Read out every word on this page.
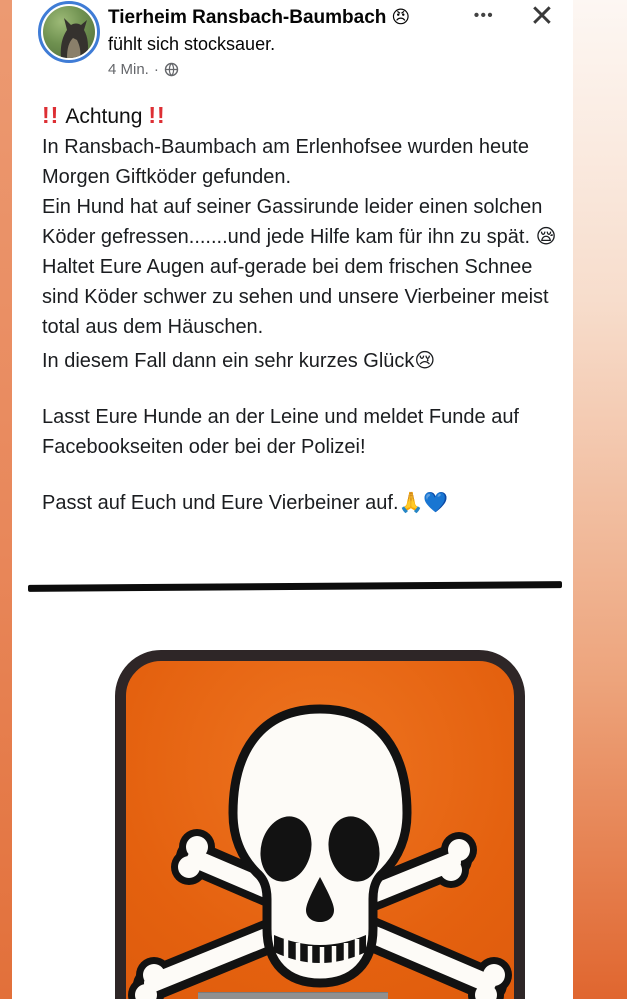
Tierheim Ransbach-Baumbach 😠
fühlt sich stocksauer.
4 Min. ·
•••	✕

!! Achtung !!

In Ransbach-Baumbach am Erlenhofsee wurden heute Morgen Giftköder gefunden.

Ein Hund hat auf seiner Gassirunde leider einen solchen Köder gefressen.......und jede Hilfe kam für ihn zu spät. 😪

Haltet Eure Augen auf-gerade bei dem frischen Schnee sind Köder schwer zu sehen und unsere Vierbeiner meist total aus dem Häuschen.

In diesem Fall dann ein sehr kurzes Glück😢

Lasst Eure Hunde an der Leine und meldet Funde auf Facebookseiten oder bei der Polizei!

Passt auf Euch und Eure Vierbeiner auf.🙏💙
